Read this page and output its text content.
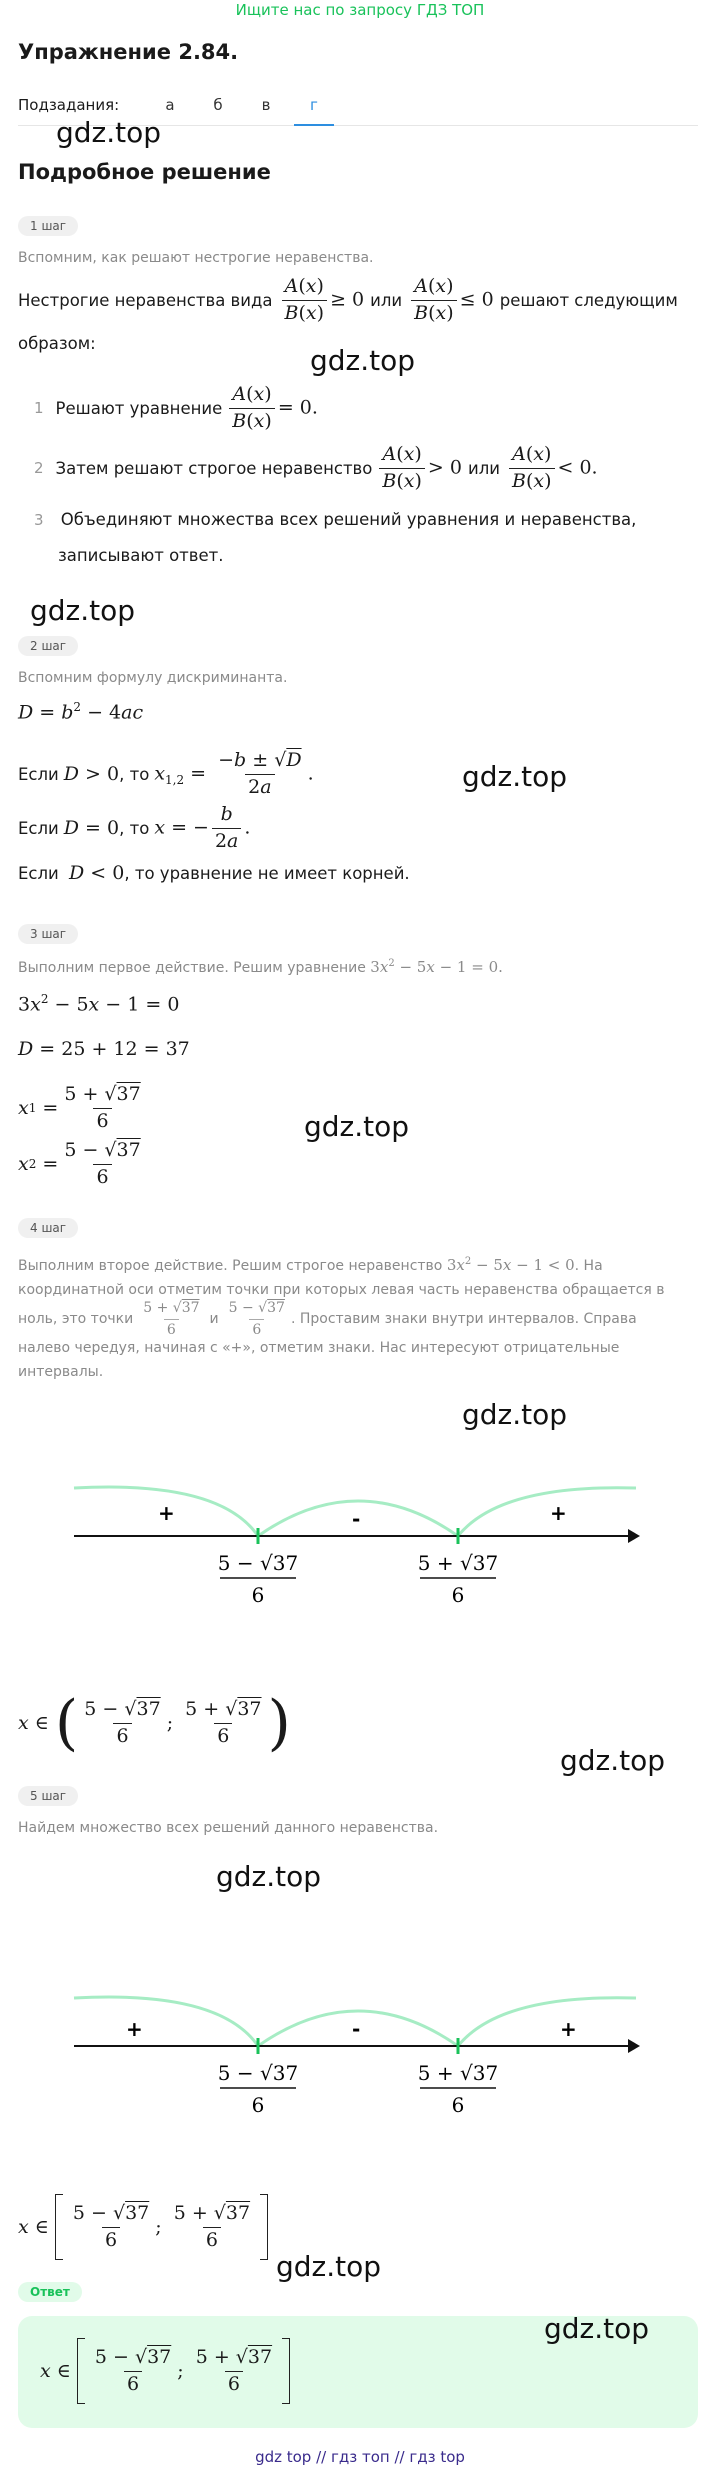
Ищите нас по запросу ГДЗ ТОП
Упражнение 2.84.
Подзадания:	а	б	в	г
gdz.top
Подробное решение
1 шаг
Вспомним, как решают нестрогие неравенства.
Нестрогие неравенства вида $\frac{A(x)}{B(x)} \ge 0$ или $\frac{A(x)}{B(x)} \le 0$ решают следующим
образом:
gdz.top
1 Решают уравнение $\frac{A(x)}{B(x)} = 0$.
2 Затем решают строгое неравенство $\frac{A(x)}{B(x)} > 0$ или $\frac{A(x)}{B(x)} < 0$.
3 Объединяют множества всех решений уравнения и неравенства,
записывают ответ.
gdz.top
2 шаг
Вспомним формулу дискриминанта.
$D = b^2 - 4ac$
Если D > 0 , то $x_{1,2} = \frac{-b \pm √D}{2a}$ .
Если D = 0 , то x = − $\frac{b}{2a}$ .
Если D < 0, то уравнение не имеет корней.
gdz.top
3 шаг
Выполним первое действие. Решим уравнение $3x^2 - 5x - 1 = 0$.
$3x^2 - 5x - 1 = 0$
D = 25 + 12 = 37
x $1 = \frac{5 + √37}{6}$
x $2 = \frac{5 - √37}{6}$
gdz.top
4 шаг
Выполним второе действие. Решим строгое неравенство $3x^2 - 5x - 1 < 0$. На
координатной оси отметим точки при которых левая часть неравенства обращается в
ноль, это точки $\frac{5 + √37}{6}$ и $\frac{5 - √37}{6}$ . Проставим знаки внутри интервалов. Справа
налево чередуя, начиная с «+», отметим знаки. Нас интересуют отрицательные
интервалы.
gdz.top
+	-	+
5 − √37
6
5 + √37
6
x ∈ ( $\frac{5 - √37}{6}$ ; $\frac{5 + √37}{6}$ )
gdz.top
5 шаг
Найдем множество всех решений данного неравенства.
gdz.top
+	-	+
5 − √37
6
5 + √37
6
x ∈ $\frac{5 - √37}{6}$ ; $\frac{5 + √37}{6}$
gdz.top
Ответ
x ∈ $\frac{5 - √37}{6}$ ; $\frac{5 + √37}{6}$
gdz.top
gdz top // гдз топ // гдз top
